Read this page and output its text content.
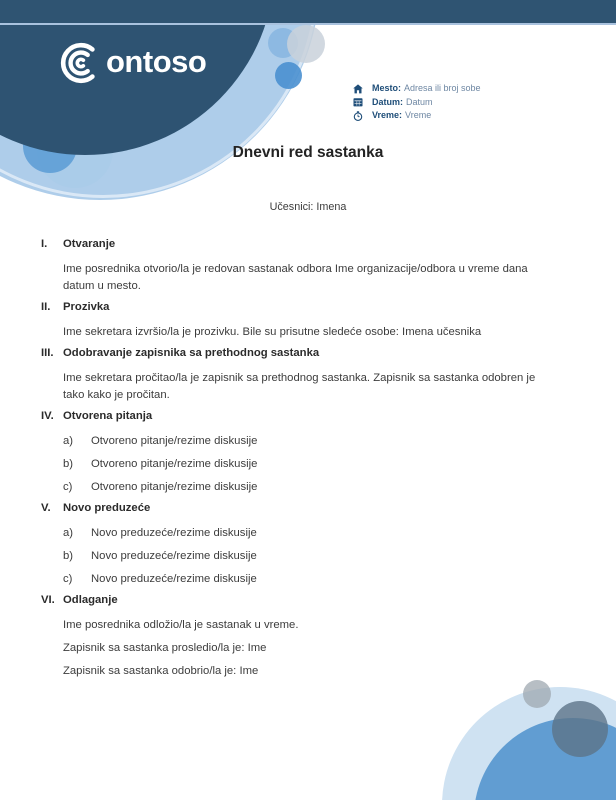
ontoso
Mesto: Adresa ili broj sobe
Datum: Datum
Vreme: Vreme
Dnevni red sastanka
Učesnici: Imena
I.	Otvaranje
Ime posrednika otvorio/la je redovan sastanak odbora Ime organizacije/odbora u vreme dana datum u mesto.
II.	Prozivka
Ime sekretara izvršio/la je prozivku. Bile su prisutne sledeće osobe: Imena učesnika
III. Odobravanje zapisnika sa prethodnog sastanka
Ime sekretara pročitao/la je zapisnik sa prethodnog sastanka. Zapisnik sa sastanka odobren je tako kako je pročitan.
IV. Otvorena pitanja
a)	Otvoreno pitanje/rezime diskusije
b)	Otvoreno pitanje/rezime diskusije
c)	Otvoreno pitanje/rezime diskusije
V.	Novo preduzeće
a)	Novo preduzeće/rezime diskusije
b)	Novo preduzeće/rezime diskusije
c)	Novo preduzeće/rezime diskusije
VI. Odlaganje
Ime posrednika odložio/la je sastanak u vreme.
Zapisnik sa sastanka prosledio/la je: Ime
Zapisnik sa sastanka odobrio/la je: Ime
